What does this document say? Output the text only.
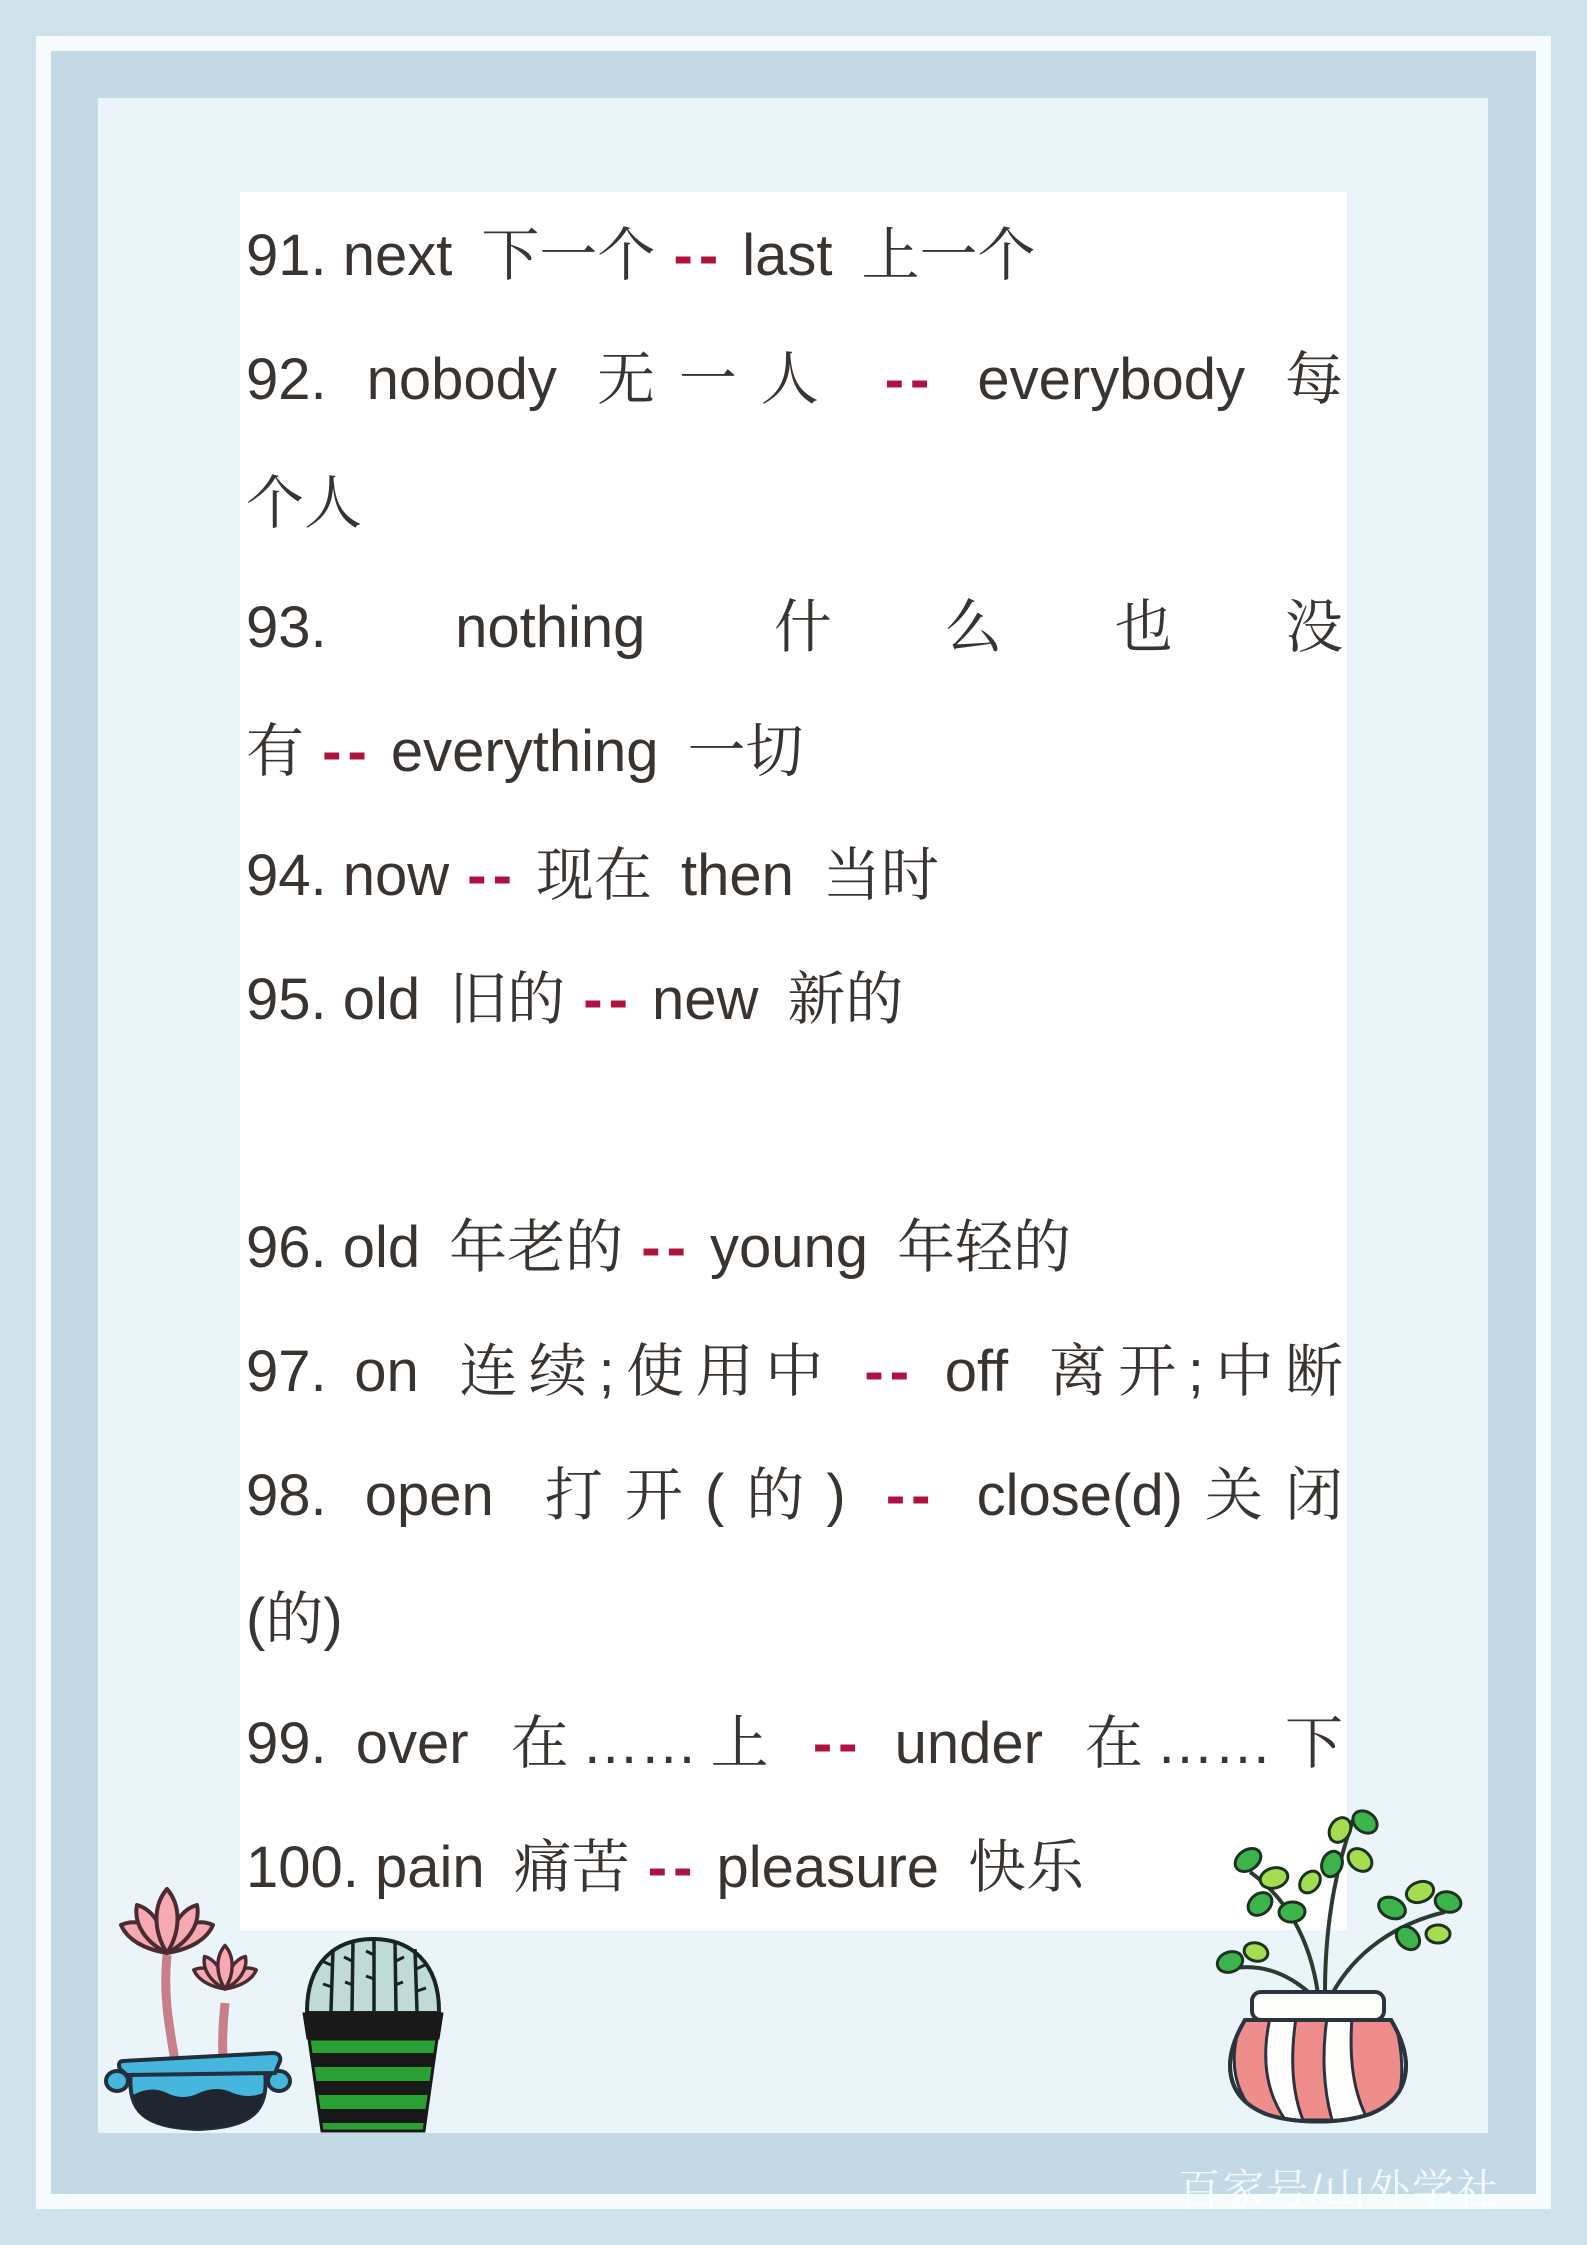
91. next 下一个 -- last 上一个
92. nobody 无一人 -- everybody 每
个人
93. nothing 什么也没
有 -- everything 一切
94. now -- 现在 then 当时
95. old 旧的 -- new 新的
96. old 年老的 -- young 年轻的
97. on 连续;使用中 -- off 离开;中断
98. open 打开(的) -- close(d)关闭
(的)
99. over 在……上 -- under 在……下
100. pain 痛苦 -- pleasure 快乐
百家号/山外学社
